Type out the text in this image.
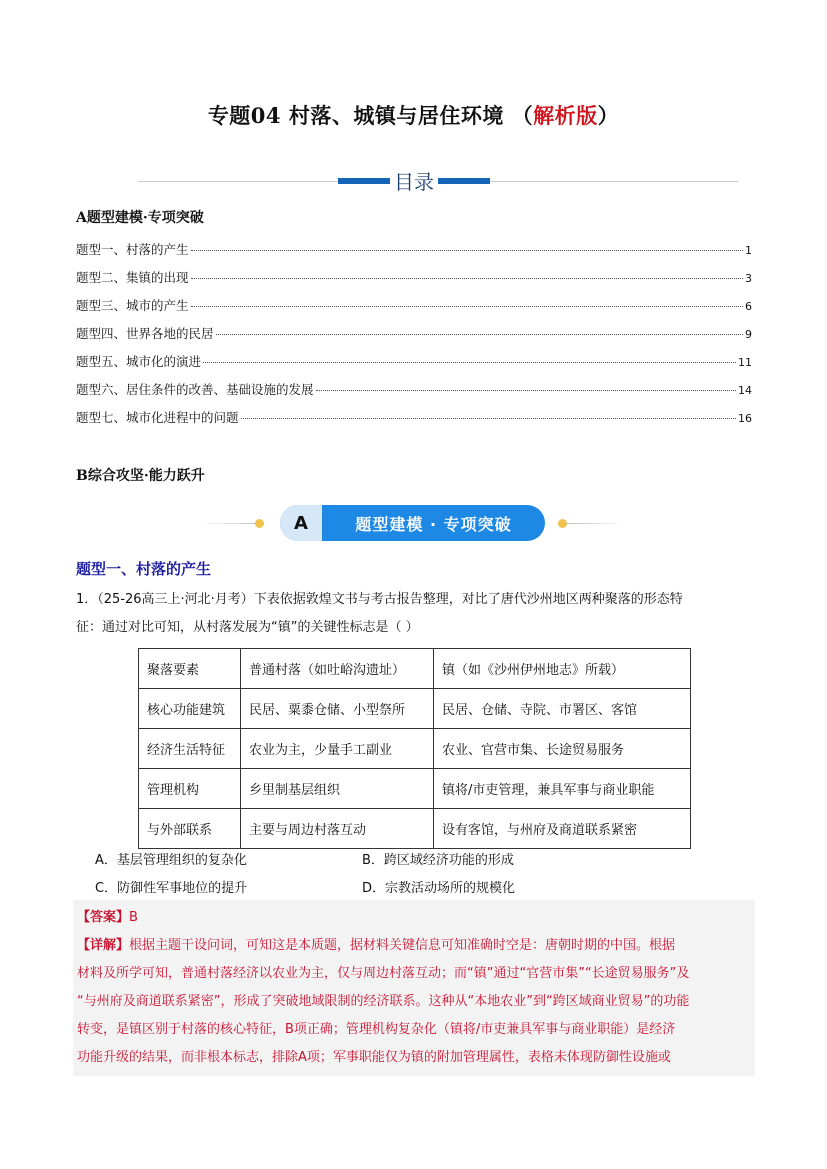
专题04 村落、城镇与居住环境 （解析版）
目录
A题型建模·专项突破
题型一、村落的产生	1
题型二、集镇的出现	3
题型三、城市的产生	6
题型四、世界各地的民居	9
题型五、城市化的演进	11
题型六、居住条件的改善、基础设施的发展	14
题型七、城市化进程中的问题	16
B综合攻坚·能力跃升
A	题型建模 · 专项突破
题型一、村落的产生
1．（25-26高三上·河北·月考）下表依据敦煌文书与考古报告整理，对比了唐代沙州地区两种聚落的形态特
征：通过对比可知，从村落发展为“镇”的关键性标志是（ ）
聚落要素	普通村落（如吐峪沟遗址）	镇（如《沙州伊州地志》所载）
核心功能建筑	民居、粟黍仓储、小型祭所	民居、仓储、寺院、市署区、客馆
经济生活特征	农业为主，少量手工副业	农业、官营市集、长途贸易服务
管理机构	乡里制基层组织	镇将/市吏管理，兼具军事与商业职能
与外部联系	主要与周边村落互动	设有客馆，与州府及商道联系紧密
A．基层管理组织的复杂化	B．跨区域经济功能的形成
C．防御性军事地位的提升	D．宗教活动场所的规模化
【答案】B
【详解】根据主题干设问词，可知这是本质题，据材料关键信息可知准确时空是：唐朝时期的中国。根据
材料及所学可知，普通村落经济以农业为主，仅与周边村落互动；而“镇”通过“官营市集”“长途贸易服务”及
“与州府及商道联系紧密”，形成了突破地域限制的经济联系。这种从“本地农业”到“跨区域商业贸易”的功能
转变，是镇区别于村落的核心特征，B项正确；管理机构复杂化（镇将/市吏兼具军事与商业职能）是经济
功能升级的结果，而非根本标志，排除A项；军事职能仅为镇的附加管理属性，表格未体现防御性设施或
